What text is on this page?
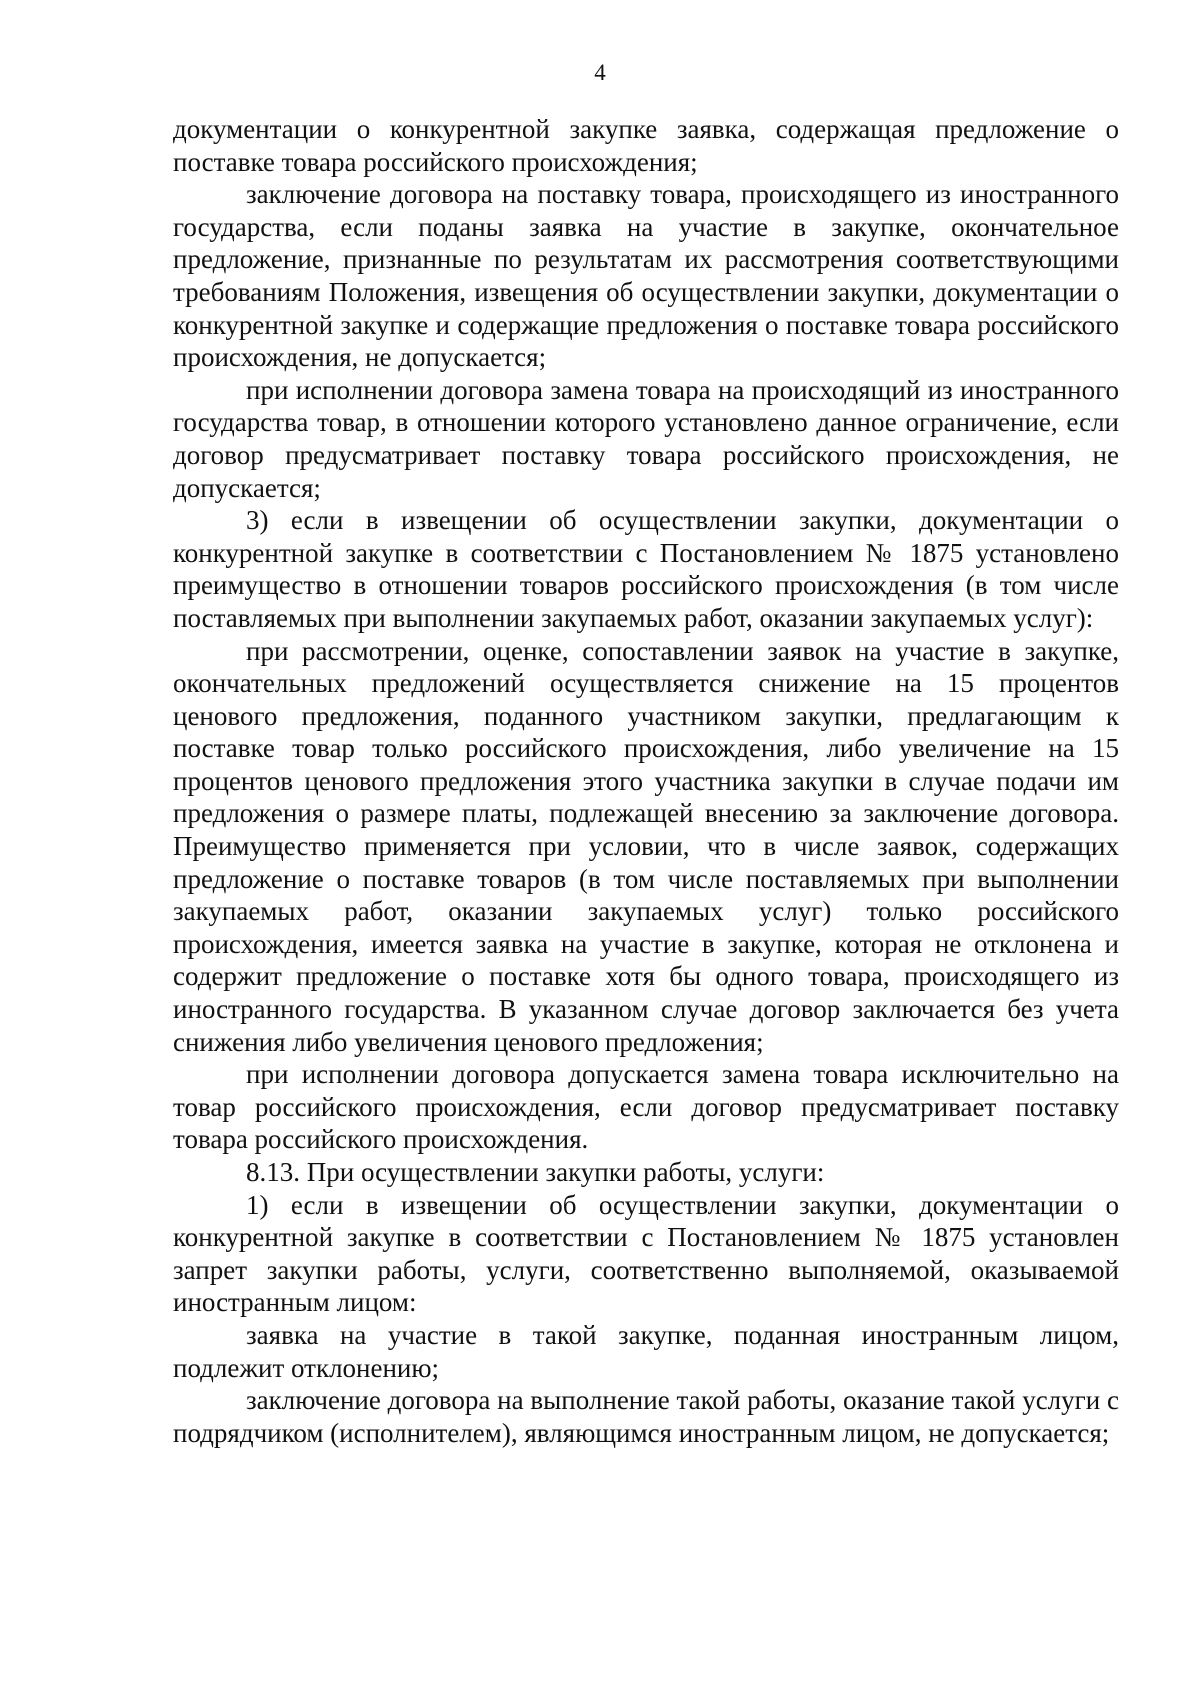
4

документации о конкурентной закупке заявка, содержащая предложение о поставке товара российского происхождения;

заключение договора на поставку товара, происходящего из иностранного государства, если поданы заявка на участие в закупке, окончательное предложение, признанные по результатам их рассмотрения соответствующими требованиям Положения, извещения об осуществлении закупки, документации о конкурентной закупке и содержащие предложения о поставке товара российского происхождения, не допускается;

при исполнении договора замена товара на происходящий из иностранного государства товар, в отношении которого установлено данное ограничение, если договор предусматривает поставку товара российского происхождения, не допускается;

3) если в извещении об осуществлении закупки, документации о конкурентной закупке в соответствии с Постановлением № 1875 установлено преимущество в отношении товаров российского происхождения (в том числе поставляемых при выполнении закупаемых работ, оказании закупаемых услуг):

при рассмотрении, оценке, сопоставлении заявок на участие в закупке, окончательных предложений осуществляется снижение на 15 процентов ценового предложения, поданного участником закупки, предлагающим к поставке товар только российского происхождения, либо увеличение на 15 процентов ценового предложения этого участника закупки в случае подачи им предложения о размере платы, подлежащей внесению за заключение договора. Преимущество применяется при условии, что в числе заявок, содержащих предложение о поставке товаров (в том числе поставляемых при выполнении закупаемых работ, оказании закупаемых услуг) только российского происхождения, имеется заявка на участие в закупке, которая не отклонена и содержит предложение о поставке хотя бы одного товара, происходящего из иностранного государства. В указанном случае договор заключается без учета снижения либо увеличения ценового предложения;

при исполнении договора допускается замена товара исключительно на товар российского происхождения, если договор предусматривает поставку товара российского происхождения.

8.13. При осуществлении закупки работы, услуги:

1) если в извещении об осуществлении закупки, документации о конкурентной закупке в соответствии с Постановлением № 1875 установлен запрет закупки работы, услуги, соответственно выполняемой, оказываемой иностранным лицом:

заявка на участие в такой закупке, поданная иностранным лицом, подлежит отклонению;

заключение договора на выполнение такой работы, оказание такой услуги с подрядчиком (исполнителем), являющимся иностранным лицом, не допускается;
